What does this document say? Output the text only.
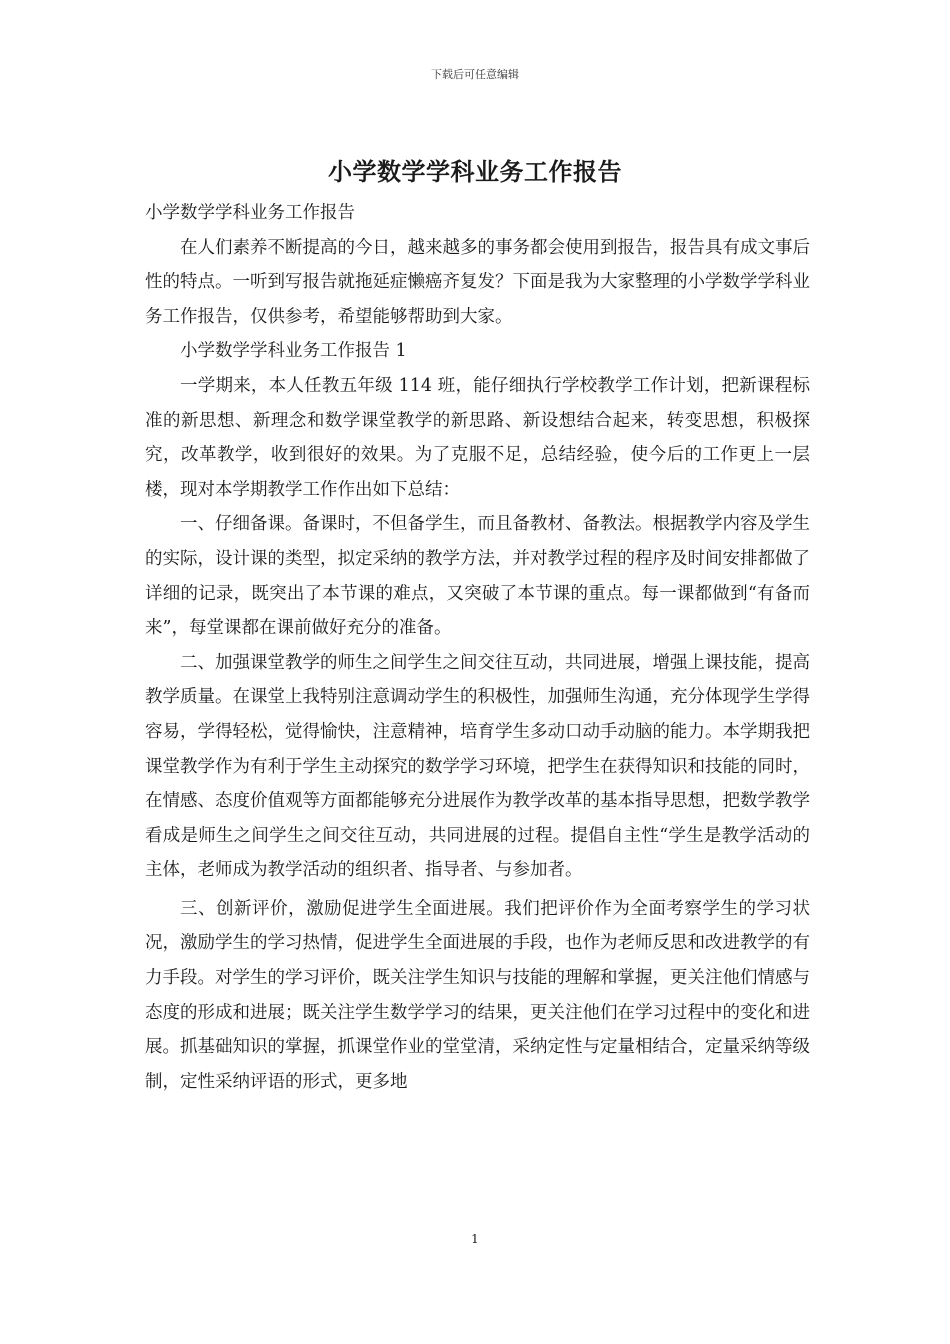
下载后可任意编辑
小学数学学科业务工作报告

小学数学学科业务工作报告

在人们素养不断提高的今日，越来越多的事务都会使用到报告，报告具有成文事后性的特点。一听到写报告就拖延症懒癌齐复发？下面是我为大家整理的小学数学学科业务工作报告，仅供参考，希望能够帮助到大家。

小学数学学科业务工作报告 1

一学期来，本人任教五年级 114 班，能仔细执行学校教学工作计划，把新课程标准的新思想、新理念和数学课堂教学的新思路、新设想结合起来，转变思想，积极探究，改革教学，收到很好的效果。为了克服不足，总结经验，使今后的工作更上一层楼，现对本学期教学工作作出如下总结：

一、仔细备课。备课时，不但备学生，而且备教材、备教法。根据教学内容及学生的实际，设计课的类型，拟定采纳的教学方法，并对教学过程的程序及时间安排都做了详细的记录，既突出了本节课的难点，又突破了本节课的重点。每一课都做到“有备而来”，每堂课都在课前做好充分的准备。

二、加强课堂教学的师生之间学生之间交往互动，共同进展，增强上课技能，提高教学质量。在课堂上我特别注意调动学生的积极性，加强师生沟通，充分体现学生学得容易，学得轻松，觉得愉快，注意精神，培育学生多动口动手动脑的能力。本学期我把课堂教学作为有利于学生主动探究的数学学习环境，把学生在获得知识和技能的同时，在情感、态度价值观等方面都能够充分进展作为教学改革的基本指导思想，把数学教学看成是师生之间学生之间交往互动，共同进展的过程。提倡自主性“学生是教学活动的主体，老师成为教学活动的组织者、指导者、与参加者。

三、创新评价，激励促进学生全面进展。我们把评价作为全面考察学生的学习状况，激励学生的学习热情，促进学生全面进展的手段，也作为老师反思和改进教学的有力手段。对学生的学习评价，既关注学生知识与技能的理解和掌握，更关注他们情感与态度的形成和进展；既关注学生数学学习的结果，更关注他们在学习过程中的变化和进展。抓基础知识的掌握，抓课堂作业的堂堂清，采纳定性与定量相结合，定量采纳等级制，定性采纳评语的形式，更多地

1
